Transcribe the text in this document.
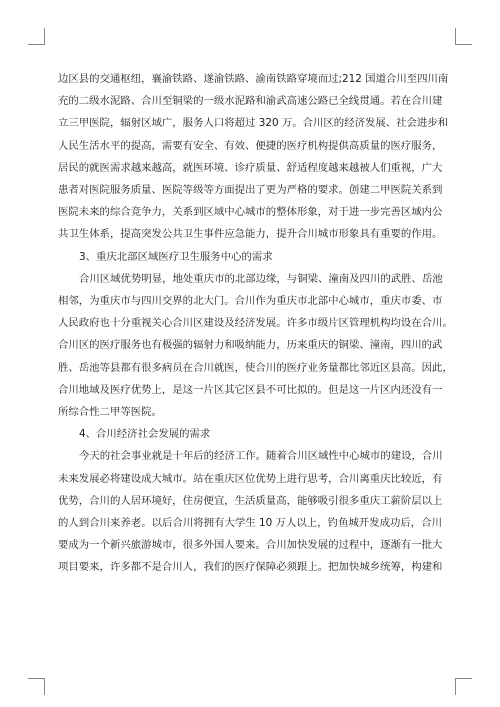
边区县的交通枢纽，襄渝铁路、遂渝铁路、渝南铁路穿境而过;212 国道合川至四川南

充的二级水泥路、合川至铜梁的一级水泥路和渝武高速公路已全线贯通。若在合川建

立三甲医院，辐射区域广，服务人口将超过 320 万。合川区的经济发展、社会进步和

人民生活水平的提高，需要有安全、有效、便捷的医疗机构提供高质量的医疗服务，

居民的就医需求越来越高，就医环境、诊疗质量、舒适程度越来越被人们重视，广大

患者对医院服务质量、医院等级等方面提出了更为严格的要求。创建二甲医院关系到

医院未来的综合竞争力，关系到区域中心城市的整体形象，对于进一步完善区域内公

共卫生体系，提高突发公共卫生事件应急能力，提升合川城市形象具有重要的作用。

3、重庆北部区域医疗卫生服务中心的需求

合川区域优势明显，地处重庆市的北部边缘，与铜梁、潼南及四川的武胜、岳池

相邻，为重庆市与四川交界的北大门。合川作为重庆市北部中心城市，重庆市委、市

人民政府也十分重视关心合川区建设及经济发展。许多市级片区管理机构均设在合川。

合川区的医疗服务也有极强的辐射力和吸纳能力，历来重庆的铜梁、潼南，四川的武

胜、岳池等县都有很多病员在合川就医，使合川的医疗业务量都比邻近区县高。因此，

合川地域及医疗优势上，是这一片区其它区县不可比拟的。但是这一片区内还没有一

所综合性二甲等医院。

4、合川经济社会发展的需求

今天的社会事业就是十年后的经济工作。随着合川区域性中心城市的建设，合川

未来发展必将建设成大城市。站在重庆区位优势上进行思考，合川离重庆比较近，有

优势，合川的人居环境好，住房便宜，生活质量高，能够吸引很多重庆工薪阶层以上

的人到合川来养老。以后合川将拥有大学生 10 万人以上，钓鱼城开发成功后，合川

要成为一个新兴旅游城市，很多外国人要来。合川加快发展的过程中，逐渐有一批大

项目要来，许多都不是合川人，我们的医疗保障必须跟上。把加快城乡统筹，构建和
